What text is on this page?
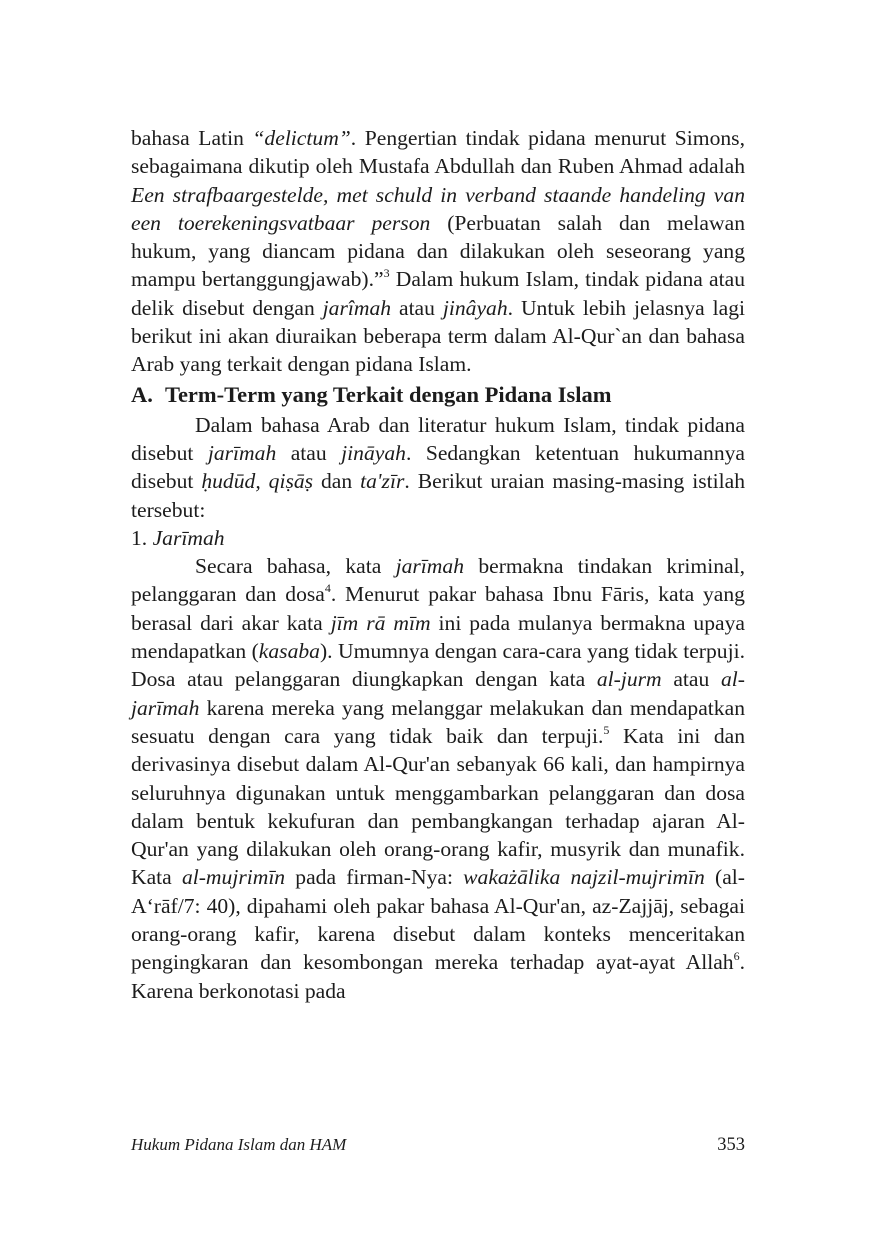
bahasa Latin “delictum”. Pengertian tindak pidana menurut Simons, sebagaimana dikutip oleh Mustafa Abdullah dan Ruben Ahmad adalah Een strafbaargestelde, met schuld in verband staande handeling van een toerekeningsvatbaar person (Perbuatan salah dan melawan hukum, yang diancam pidana dan dilakukan oleh seseorang yang mampu bertanggungjawab).”$^3$ Dalam hukum Islam, tindak pidana atau delik disebut dengan jarîmah atau jinâyah. Untuk lebih jelasnya lagi berikut ini akan diuraikan beberapa term dalam Al-Qur`an dan bahasa Arab yang terkait dengan pidana Islam.

A. Term-Term yang Terkait dengan Pidana Islam

Dalam bahasa Arab dan literatur hukum Islam, tindak pidana disebut jarīmah atau jināyah. Sedangkan ketentuan hukumannya disebut ḥudūd, qiṣāṣ dan ta'zīr. Berikut uraian masing-masing istilah tersebut:

1. Jarīmah

Secara bahasa, kata jarīmah bermakna tindakan kriminal, pelanggaran dan dosa$^4$. Menurut pakar bahasa Ibnu Fāris, kata yang berasal dari akar kata jīm rā mīm ini pada mulanya bermakna upaya mendapatkan (kasaba). Umumnya dengan cara-cara yang tidak terpuji. Dosa atau pelanggaran diungkapkan dengan kata al-jurm atau al-jarīmah karena mereka yang melanggar melakukan dan mendapatkan sesuatu dengan cara yang tidak baik dan terpuji.$^5$ Kata ini dan derivasinya disebut dalam Al-Qur'an sebanyak 66 kali, dan hampirnya seluruhnya digunakan untuk menggambarkan pelanggaran dan dosa dalam bentuk kekufuran dan pembangkangan terhadap ajaran Al-Qur'an yang dilakukan oleh orang-orang kafir, musyrik dan munafik. Kata al-mujrimīn pada firman-Nya: wakażālika najzil-mujrimīn (al-A‘rāf/7: 40), dipahami oleh pakar bahasa Al-Qur'an, az-Zajjāj, sebagai orang-orang kafir, karena disebut dalam konteks menceritakan pengingkaran dan kesombongan mereka terhadap ayat-ayat Allah$^6$. Karena berkonotasi pada

Hukum Pidana Islam dan HAM	353
